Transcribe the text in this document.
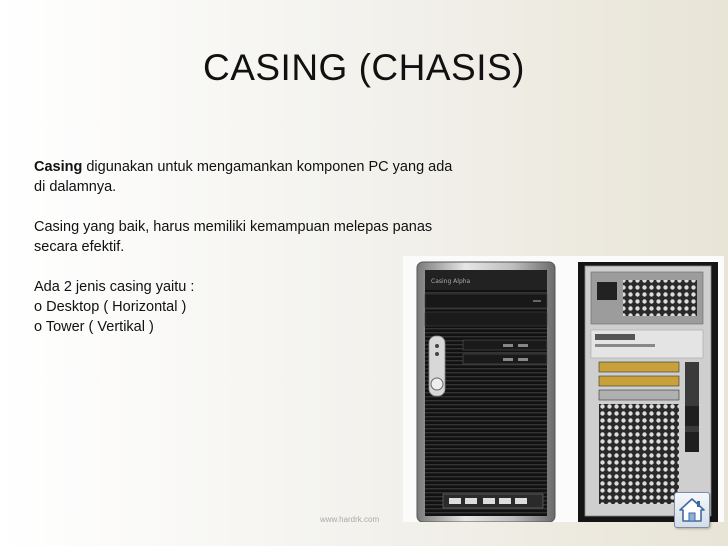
CASING (CHASIS)

Casing digunakan untuk mengamankan komponen PC yang ada di dalamnya.

Casing yang baik, harus memiliki kemampuan melepas panas secara efektif.

Ada 2 jenis casing yaitu :

o Desktop ( Horizontal )

o Tower ( Vertikal )

Casing Alpha
www.hardrk.com
